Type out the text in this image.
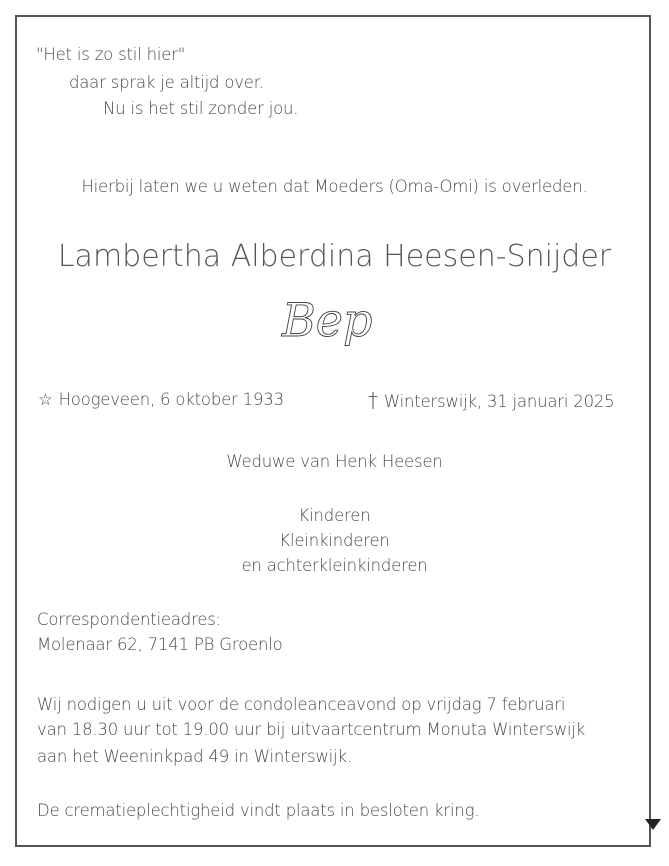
"Het is zo stil hier"

daar sprak je altijd over.

Nu is het stil zonder jou.

Hierbij laten we u weten dat Moeders (Oma-Omi) is overleden.

Lambertha Alberdina Heesen-Snijder

Bep

☆ Hoogeveen, 6 oktober 1933	† Winterswijk, 31 januari 2025

Weduwe van Henk Heesen

Kinderen

Kleinkinderen

en achterkleinkinderen

Correspondentieadres:

Molenaar 62, 7141 PB Groenlo

Wij nodigen u uit voor de condoleanceavond op vrijdag 7 februari

van 18.30 uur tot 19.00 uur bij uitvaartcentrum Monuta Winterswijk

aan het Weeninkpad 49 in Winterswijk.

De crematieplechtigheid vindt plaats in besloten kring.
